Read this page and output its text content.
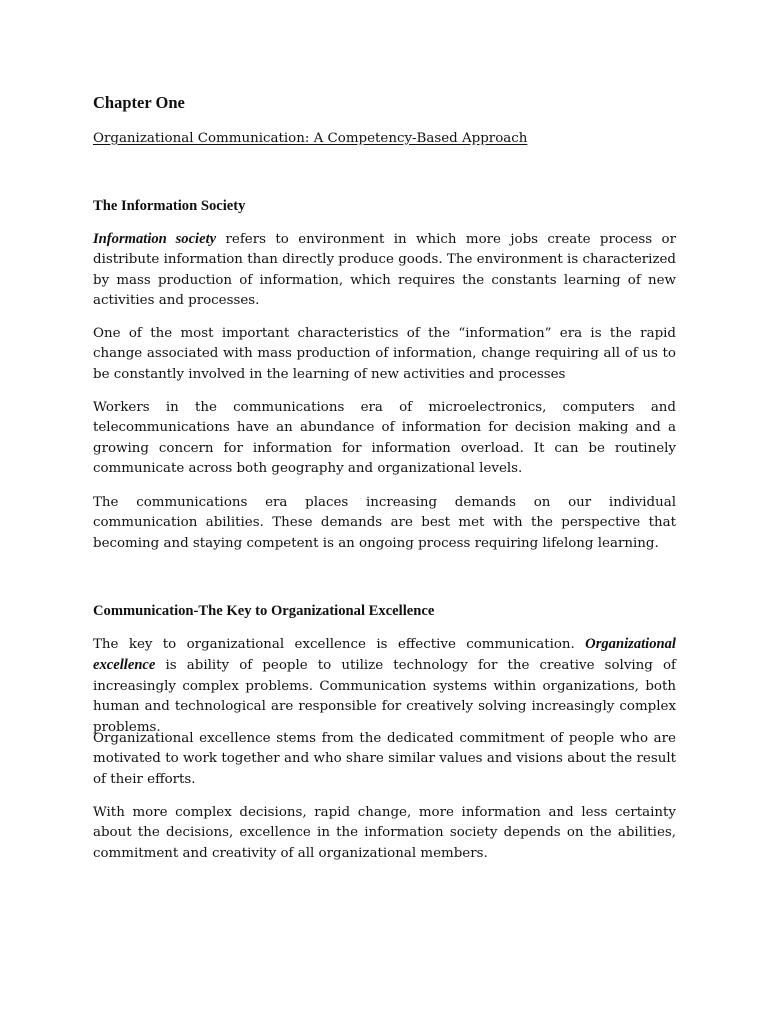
Chapter One

Organizational Communication: A Competency-Based Approach

The Information Society

Information society refers to environment in which more jobs create process or distribute information than directly produce goods. The environment is characterized by mass production of information, which requires the constants learning of new activities and processes.

One of the most important characteristics of the “information” era is the rapid change associated with mass production of information, change requiring all of us to be constantly involved in the learning of new activities and processes

Workers in the communications era of microelectronics, computers and telecommunications have an abundance of information for decision making and a growing concern for information for information overload. It can be routinely communicate across both geography and organizational levels.

The communications era places increasing demands on our individual communication abilities. These demands are best met with the perspective that becoming and staying competent is an ongoing process requiring lifelong learning.

Communication-The Key to Organizational Excellence

The key to organizational excellence is effective communication. Organizational excellence is ability of people to utilize technology for the creative solving of increasingly complex problems. Communication systems within organizations, both human and technological are responsible for creatively solving increasingly complex problems.

Organizational excellence stems from the dedicated commitment of people who are motivated to work together and who share similar values and visions about the result of their efforts.

With more complex decisions, rapid change, more information and less certainty about the decisions, excellence in the information society depends on the abilities, commitment and creativity of all organizational members.
